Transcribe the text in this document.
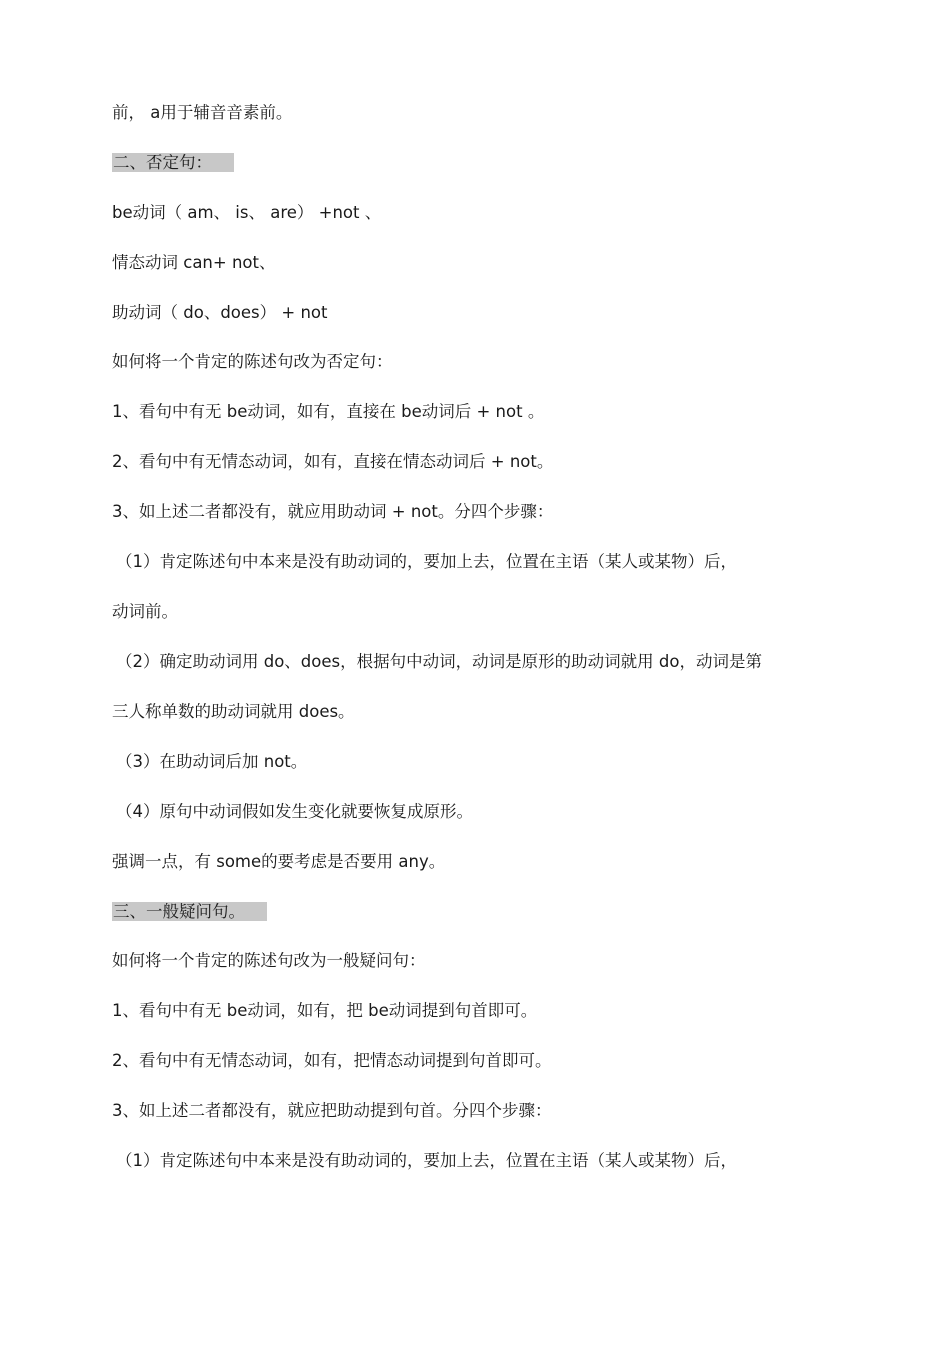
前， a用于辅音音素前。
二、否定句：
be动词（ am、 is、 are） +not 、
情态动词 can+ not、
助动词（ do、does） + not
如何将一个肯定的陈述句改为否定句：
1、看句中有无 be动词，如有，直接在 be动词后 + not 。
2、看句中有无情态动词，如有，直接在情态动词后 + not。
3、如上述二者都没有，就应用助动词 + not。分四个步骤：
（1）肯定陈述句中本来是没有助动词的，要加上去，位置在主语（某人或某物）后，
动词前。
（2）确定助动词用 do、does，根据句中动词，动词是原形的助动词就用 do，动词是第
三人称单数的助动词就用 does。
（3）在助动词后加 not。
（4）原句中动词假如发生变化就要恢复成原形。
强调一点，有 some的要考虑是否要用 any。
三、一般疑问句。
如何将一个肯定的陈述句改为一般疑问句：
1、看句中有无 be动词，如有，把 be动词提到句首即可。
2、看句中有无情态动词，如有，把情态动词提到句首即可。
3、如上述二者都没有，就应把助动提到句首。分四个步骤：
（1）肯定陈述句中本来是没有助动词的，要加上去，位置在主语（某人或某物）后，
